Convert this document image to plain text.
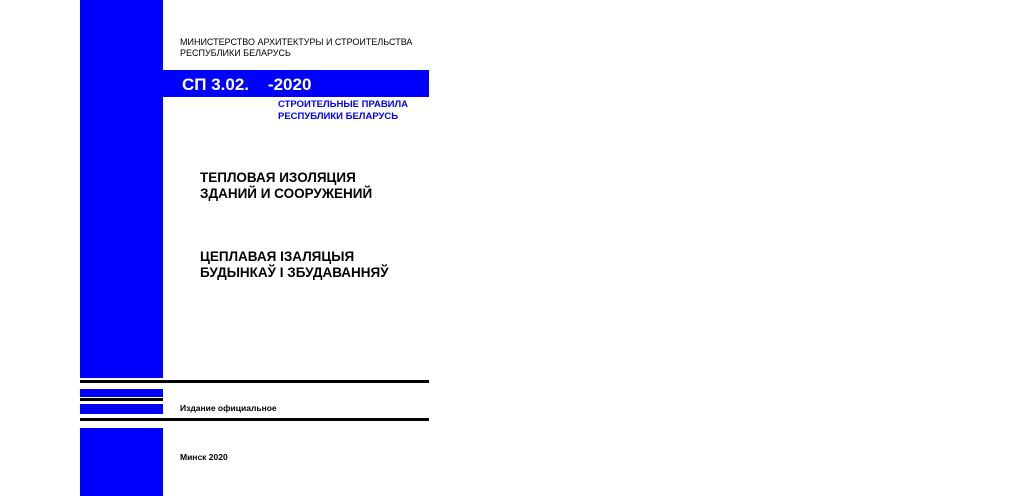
МИНИСТЕРСТВО АРХИТЕКТУРЫ И СТРОИТЕЛЬСТВА
РЕСПУБЛИКИ БЕЛАРУСЬ
СП 3.02.    -2020
СТРОИТЕЛЬНЫЕ ПРАВИЛА
РЕСПУБЛИКИ БЕЛАРУСЬ
ТЕПЛОВАЯ ИЗОЛЯЦИЯ
ЗДАНИЙ И СООРУЖЕНИЙ
ЦЕПЛАВАЯ ІЗАЛЯЦЫЯ
БУДЫНКАЎ І ЗБУДАВАННЯЎ
Издание официальное
Минск 2020
